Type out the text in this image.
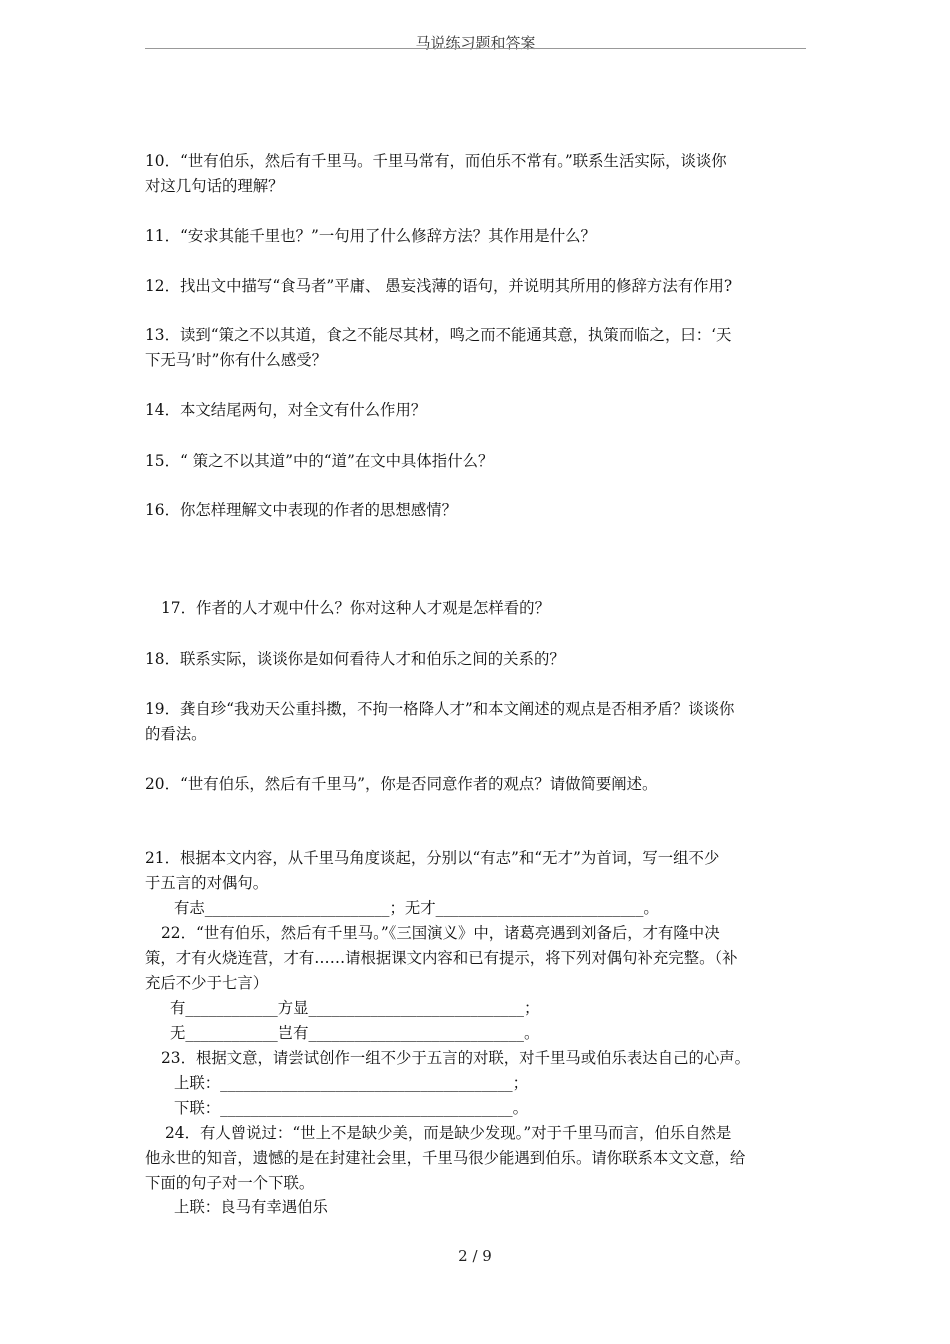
马说练习题和答案
10．“世有伯乐，然后有千里马。千里马常有，而伯乐不常有。”联系生活实际，谈谈你
对这几句话的理解？
11．“安求其能千里也？”一句用了什么修辞方法？其作用是什么？
12．找出文中描写“食马者”平庸、 愚妄浅薄的语句，并说明其所用的修辞方法有作用?
13．读到“策之不以其道，食之不能尽其材，鸣之而不能通其意，执策而临之，曰：‘天
下无马’时”你有什么感受？
14．本文结尾两句，对全文有什么作用？
15．“ 策之不以其道”中的“道”在文中具体指什么？
16．你怎样理解文中表现的作者的思想感情？
17．作者的人才观中什么？你对这种人才观是怎样看的？
18．联系实际，谈谈你是如何看待人才和伯乐之间的关系的？
19．龚自珍“我劝天公重抖擞，不拘一格降人才”和本文阐述的观点是否相矛盾？谈谈你
的看法。
20．“世有伯乐，然后有千里马”，你是否同意作者的观点？请做简要阐述。
21．根据本文内容，从千里马角度谈起，分别以“有志”和“无才”为首词，写一组不少
于五言的对偶句。
有志________________________；无才___________________________。
22．“世有伯乐，然后有千里马。”《三国演义》中，诸葛亮遇到刘备后，才有隆中决
策，才有火烧连营，才有……请根据课文内容和已有提示，将下列对偶句补充完整。（补
充后不少于七言）
有____________方显____________________________；
无____________岂有____________________________。
23．根据文意，请尝试创作一组不少于五言的对联，对千里马或伯乐表达自己的心声。
上联：______________________________________；
下联：______________________________________。
24．有人曾说过：“世上不是缺少美，而是缺少发现。”对于千里马而言，伯乐自然是
他永世的知音，遗憾的是在封建社会里，千里马很少能遇到伯乐。请你联系本文文意，给
下面的句子对一个下联。
上联：良马有幸遇伯乐
2 / 9
